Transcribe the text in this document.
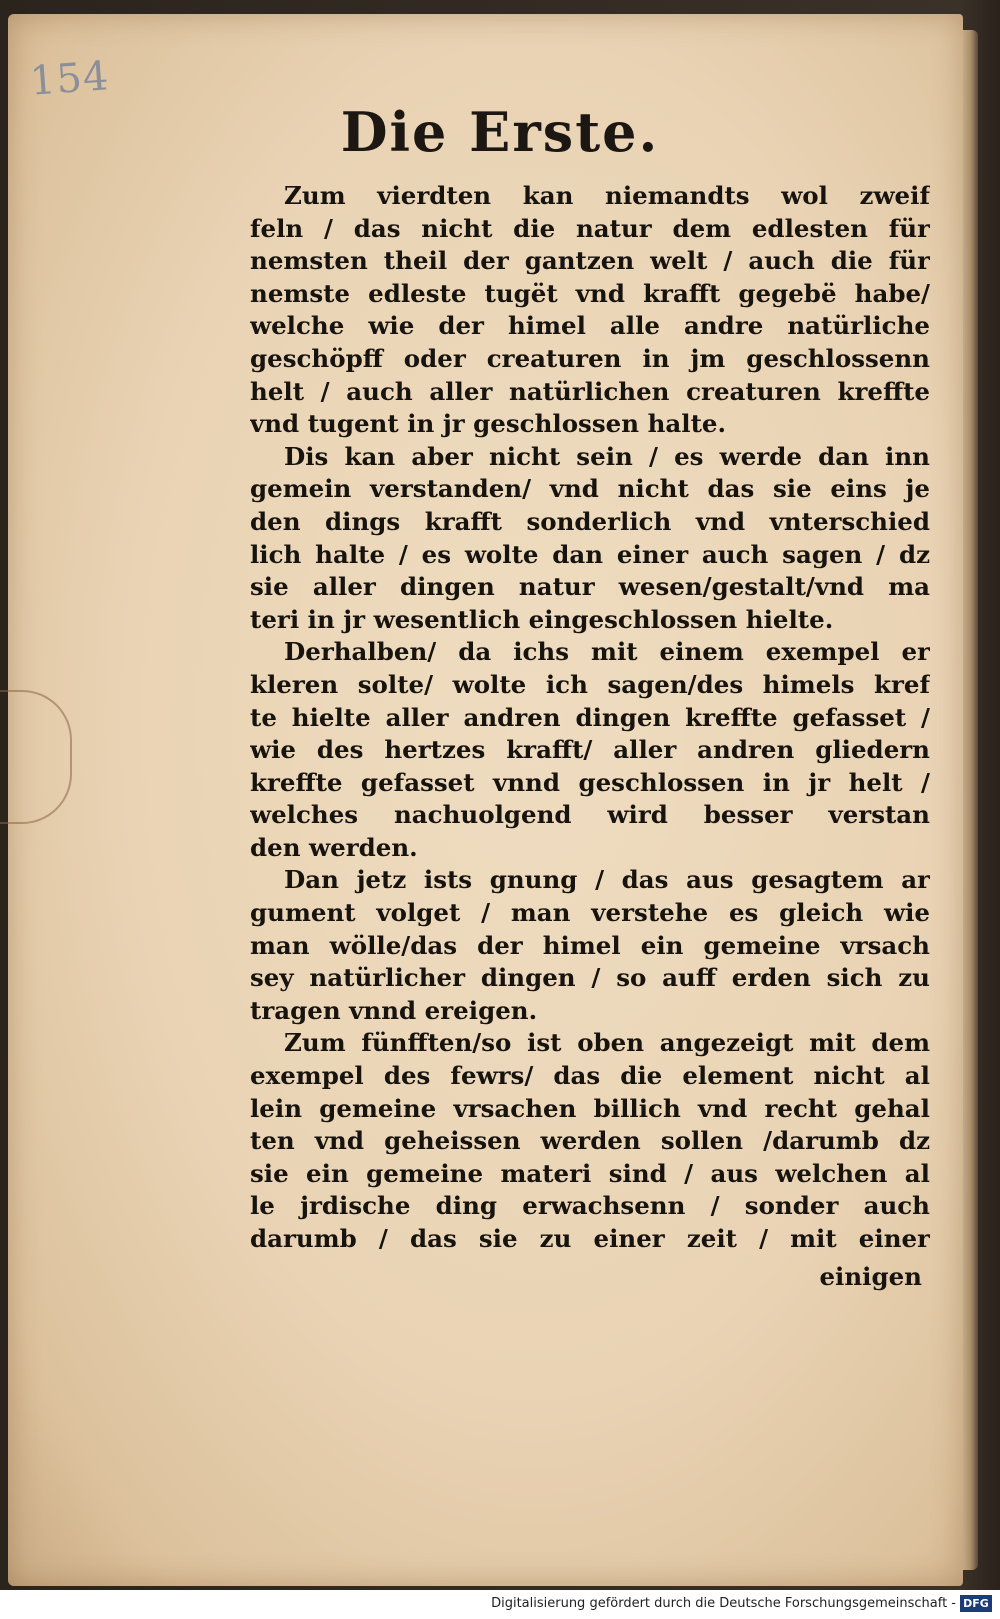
154
Die Erste.
Zum vierdten kan niemandts wol zweif
feln / das nicht die natur dem edlesten für
nemsten theil der gantzen welt / auch die für
nemste edleste tugët vnd krafft gegebë habe/
welche wie der himel alle andre natürliche
geschöpff oder creaturen in jm geschlossenn
helt / auch aller natürlichen creaturen kreffte
vnd tugent in jr geschlossen halte.
Dis kan aber nicht sein / es werde dan inn
gemein verstanden/ vnd nicht das sie eins je
den dings krafft sonderlich vnd vnterschied
lich halte / es wolte dan einer auch sagen / dz
sie aller dingen natur wesen/gestalt/vnd ma
teri in jr wesentlich eingeschlossen hielte.
Derhalben/ da ichs mit einem exempel er
kleren solte/ wolte ich sagen/des himels kref
te hielte aller andren dingen kreffte gefasset /
wie des hertzes krafft/ aller andren gliedern
kreffte gefasset vnnd geschlossen in jr helt /
welches nachuolgend wird besser verstan
den werden.
Dan jetz ists gnung / das aus gesagtem ar
gument volget / man verstehe es gleich wie
man wölle/das der himel ein gemeine vrsach
sey natürlicher dingen / so auff erden sich zu
tragen vnnd ereigen.
Zum fünfften/so ist oben angezeigt mit dem
exempel des fewrs/ das die element nicht al
lein gemeine vrsachen billich vnd recht gehal
ten vnd geheissen werden sollen /darumb dz
sie ein gemeine materi sind / aus welchen al
le jrdische ding erwachsenn / sonder auch
darumb / das sie zu einer zeit / mit einer
einigen
Digitalisierung gefördert durch die Deutsche Forschungsgemeinschaft - DFG
